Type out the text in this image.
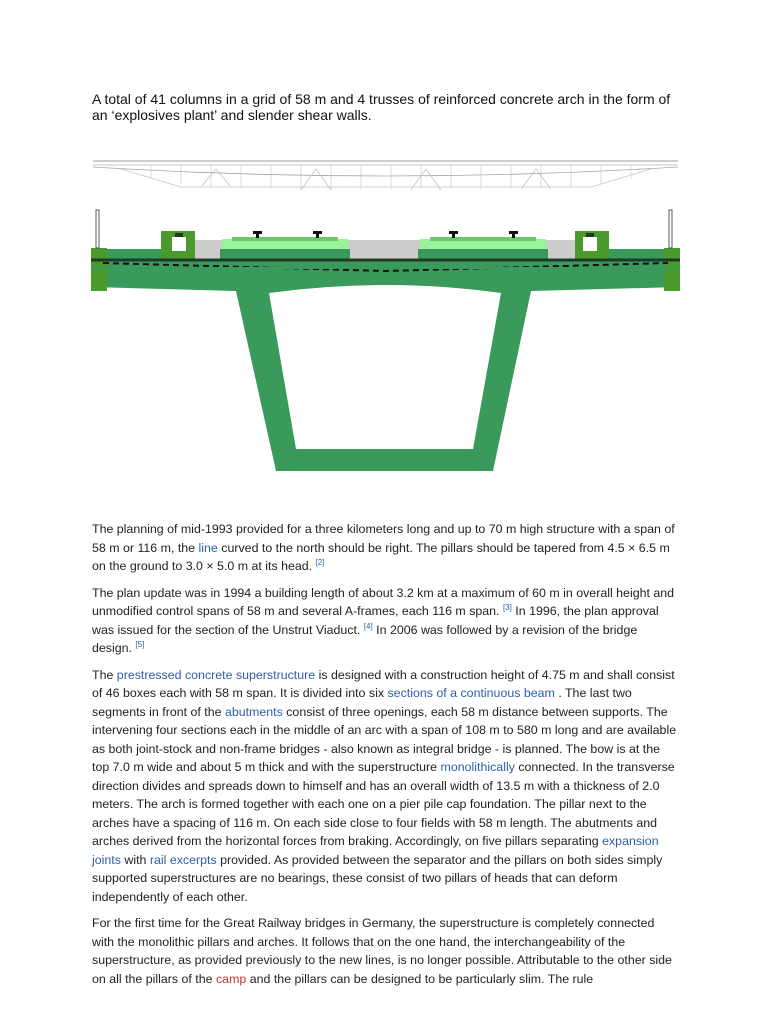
A total of 41 columns in a grid of 58 m and 4 trusses of reinforced concrete arch in the form of an ‘explosives plant’ and slender shear walls.

The planning of mid-1993 provided for a three kilometers long and up to 70 m high structure with a span of 58 m or 116 m, the line curved to the north should be right. The pillars should be tapered from 4.5 × 6.5 m on the ground to 3.0 × 5.0 m at its head. [2]

The plan update was in 1994 a building length of about 3.2 km at a maximum of 60 m in overall height and unmodified control spans of 58 m and several A-frames, each 116 m span. [3] In 1996, the plan approval was issued for the section of the Unstrut Viaduct. [4] In 2006 was followed by a revision of the bridge design. [5]

The prestressed concrete superstructure is designed with a construction height of 4.75 m and shall consist of 46 boxes each with 58 m span. It is divided into six sections of a continuous beam . The last two segments in front of the abutments consist of three openings, each 58 m distance between supports. The intervening four sections each in the middle of an arc with a span of 108 m to 580 m long and are available as both joint-stock and non-frame bridges - also known as integral bridge - is planned. The bow is at the top 7.0 m wide and about 5 m thick and with the superstructure monolithically connected. In the transverse direction divides and spreads down to himself and has an overall width of 13.5 m with a thickness of 2.0 meters. The arch is formed together with each one on a pier pile cap foundation. The pillar next to the arches have a spacing of 116 m. On each side close to four fields with 58 m length. The abutments and arches derived from the horizontal forces from braking. Accordingly, on five pillars separating expansion joints with rail excerpts provided. As provided between the separator and the pillars on both sides simply supported superstructures are no bearings, these consist of two pillars of heads that can deform independently of each other.

For the first time for the Great Railway bridges in Germany, the superstructure is completely connected with the monolithic pillars and arches. It follows that on the one hand, the interchangeability of the superstructure, as provided previously to the new lines, is no longer possible. Attributable to the other side on all the pillars of the camp and the pillars can be designed to be particularly slim. The rule
